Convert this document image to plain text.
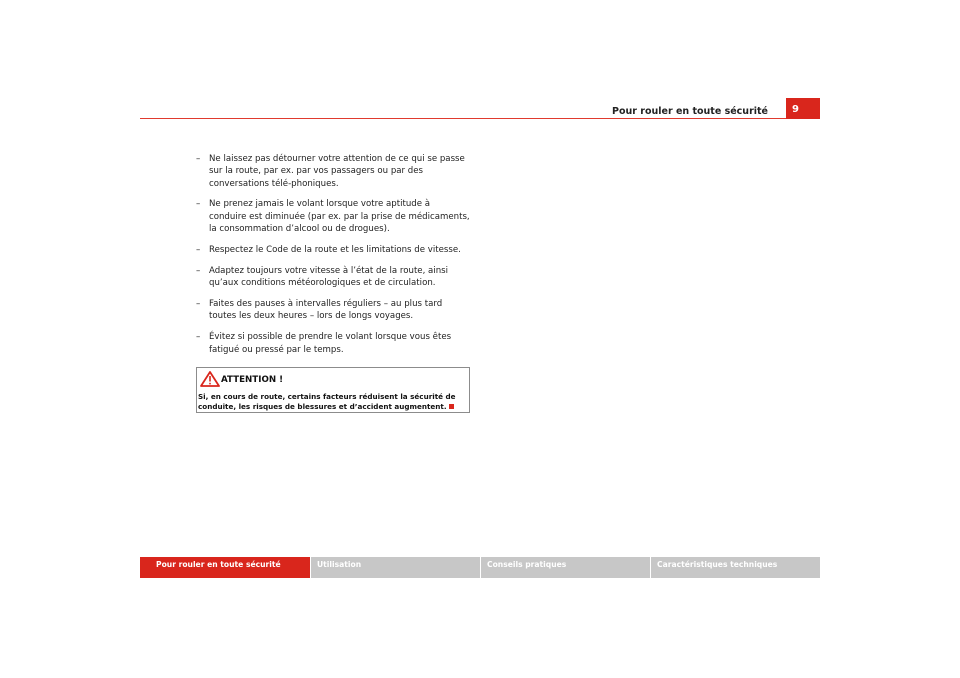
Pour rouler en toute sécurité 9
– Ne laissez pas détourner votre attention de ce qui se passe sur la route, par ex. par vos passagers ou par des conversations télé-phoniques.
– Ne prenez jamais le volant lorsque votre aptitude à conduire est diminuée (par ex. par la prise de médicaments, la consommation d’alcool ou de drogues).
– Respectez le Code de la route et les limitations de vitesse.
– Adaptez toujours votre vitesse à l’état de la route, ainsi qu’aux conditions météorologiques et de circulation.
– Faites des pauses à intervalles réguliers – au plus tard toutes les deux heures – lors de longs voyages.
– Évitez si possible de prendre le volant lorsque vous êtes fatigué ou pressé par le temps.
ATTENTION !
Si, en cours de route, certains facteurs réduisent la sécurité de conduite, les risques de blessures et d’accident augmentent.
Pour rouler en toute sécurité	Utilisation	Conseils pratiques	Caractéristiques techniques
